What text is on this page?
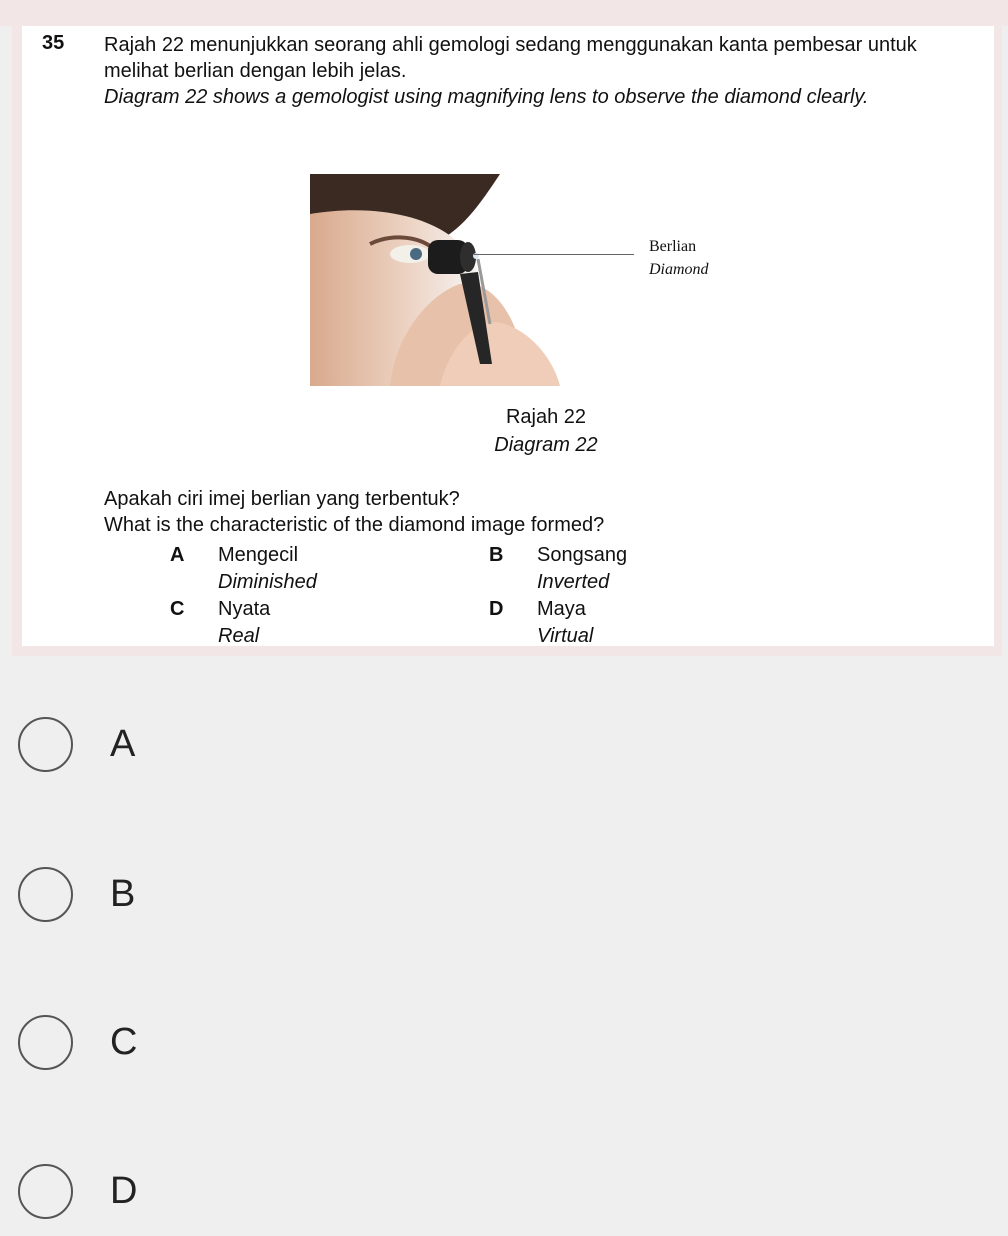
35 Rajah 22 menunjukkan seorang ahli gemologi sedang menggunakan kanta pembesar untuk melihat berlian dengan lebih jelas.
Diagram 22 shows a gemologist using magnifying lens to observe the diamond clearly.
Berlian
Diamond
Rajah 22
Diagram 22
Apakah ciri imej berlian yang terbentuk?
What is the characteristic of the diamond image formed?
A Mengecil
Diminished
B Songsang
Inverted
C Nyata
Real
D Maya
Virtual
A
B
C
D
